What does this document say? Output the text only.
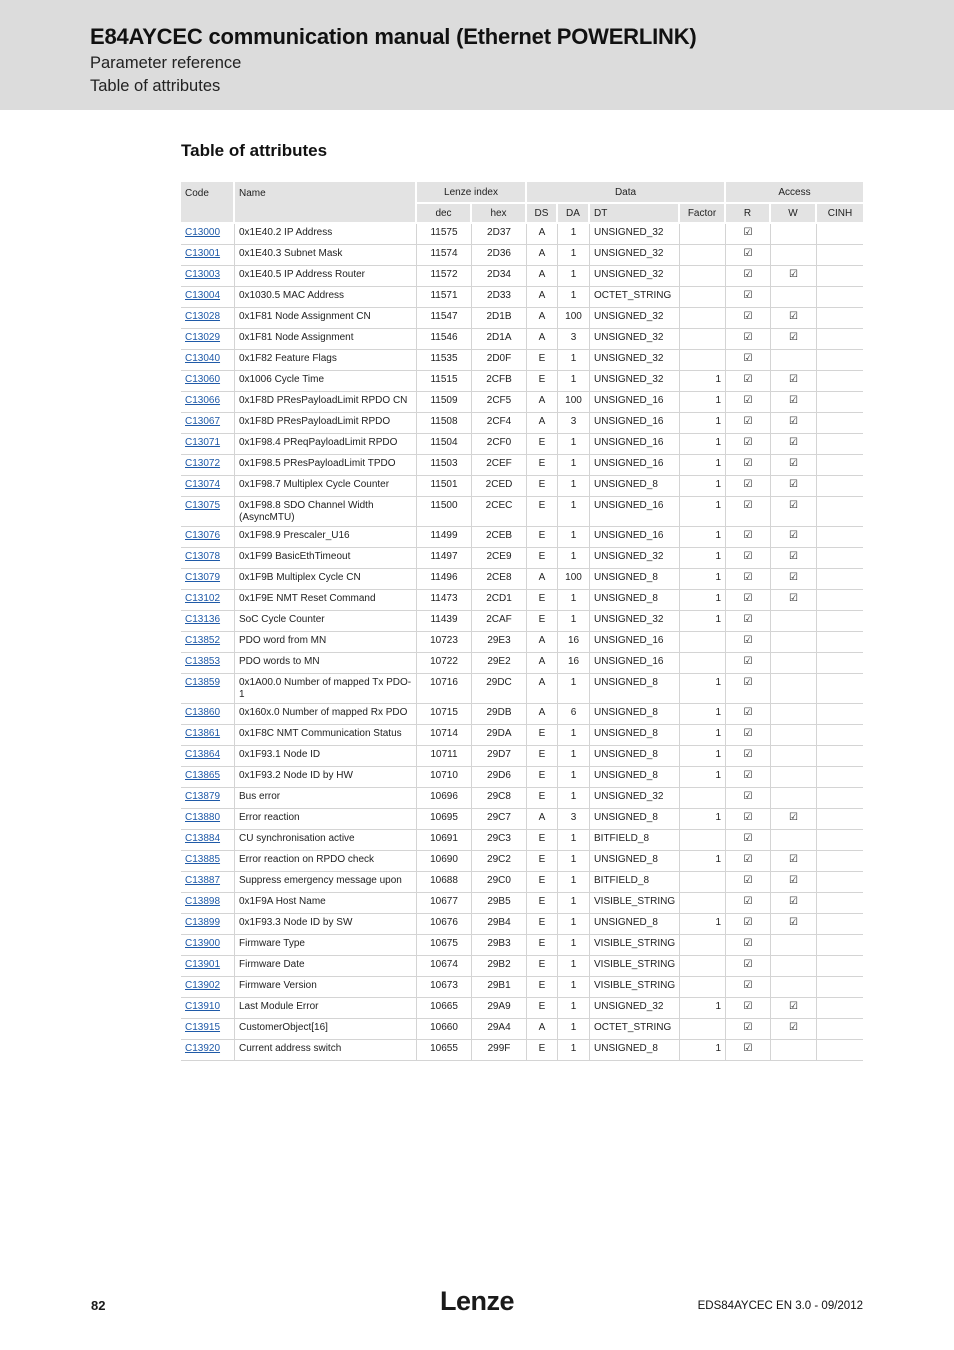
E84AYCEC communication manual (Ethernet POWERLINK)
Parameter reference
Table of attributes
Table of attributes
Code	Name	Lenze index		Data				Access		
		dec	hex	DS	DA	DT	Factor	R	W	CINH
C13000	0x1E40.2 IP Address	11575	2D37	A	1	UNSIGNED_32		☑		
C13001	0x1E40.3 Subnet Mask	11574	2D36	A	1	UNSIGNED_32		☑		
C13003	0x1E40.5 IP Address Router	11572	2D34	A	1	UNSIGNED_32		☑	☑	
C13004	0x1030.5 MAC Address	11571	2D33	A	1	OCTET_STRING		☑		
C13028	0x1F81 Node Assignment CN	11547	2D1B	A	100	UNSIGNED_32		☑	☑	
C13029	0x1F81 Node Assignment	11546	2D1A	A	3	UNSIGNED_32		☑	☑	
C13040	0x1F82 Feature Flags	11535	2D0F	E	1	UNSIGNED_32		☑		
C13060	0x1006 Cycle Time	11515	2CFB	E	1	UNSIGNED_32	1	☑	☑	
C13066	0x1F8D PResPayloadLimit RPDO CN	11509	2CF5	A	100	UNSIGNED_16	1	☑	☑	
C13067	0x1F8D PResPayloadLimit RPDO	11508	2CF4	A	3	UNSIGNED_16	1	☑	☑	
C13071	0x1F98.4 PReqPayloadLimit RPDO	11504	2CF0	E	1	UNSIGNED_16	1	☑	☑	
C13072	0x1F98.5 PResPayloadLimit TPDO	11503	2CEF	E	1	UNSIGNED_16	1	☑	☑	
C13074	0x1F98.7 Multiplex Cycle Counter	11501	2CED	E	1	UNSIGNED_8	1	☑	☑	
C13075	0x1F98.8 SDO Channel Width (AsyncMTU)	11500	2CEC	E	1	UNSIGNED_16	1	☑	☑	
C13076	0x1F98.9 Prescaler_U16	11499	2CEB	E	1	UNSIGNED_16	1	☑	☑	
C13078	0x1F99 BasicEthTimeout	11497	2CE9	E	1	UNSIGNED_32	1	☑	☑	
C13079	0x1F9B Multiplex Cycle CN	11496	2CE8	A	100	UNSIGNED_8	1	☑	☑	
C13102	0x1F9E NMT Reset Command	11473	2CD1	E	1	UNSIGNED_8	1	☑	☑	
C13136	SoC Cycle Counter	11439	2CAF	E	1	UNSIGNED_32	1	☑		
C13852	PDO word from MN	10723	29E3	A	16	UNSIGNED_16		☑		
C13853	PDO words to MN	10722	29E2	A	16	UNSIGNED_16		☑		
C13859	0x1A00.0 Number of mapped Tx PDO-1	10716	29DC	A	1	UNSIGNED_8	1	☑		
C13860	0x160x.0 Number of mapped Rx PDO	10715	29DB	A	6	UNSIGNED_8	1	☑		
C13861	0x1F8C NMT Communication Status	10714	29DA	E	1	UNSIGNED_8	1	☑		
C13864	0x1F93.1 Node ID	10711	29D7	E	1	UNSIGNED_8	1	☑		
C13865	0x1F93.2 Node ID by HW	10710	29D6	E	1	UNSIGNED_8	1	☑		
C13879	Bus error	10696	29C8	E	1	UNSIGNED_32		☑		
C13880	Error reaction	10695	29C7	A	3	UNSIGNED_8	1	☑	☑	
C13884	CU synchronisation active	10691	29C3	E	1	BITFIELD_8		☑		
C13885	Error reaction on RPDO check	10690	29C2	E	1	UNSIGNED_8	1	☑	☑	
C13887	Suppress emergency message upon	10688	29C0	E	1	BITFIELD_8		☑	☑	
C13898	0x1F9A Host Name	10677	29B5	E	1	VISIBLE_STRING		☑	☑	
C13899	0x1F93.3 Node ID by SW	10676	29B4	E	1	UNSIGNED_8	1	☑	☑	
C13900	Firmware Type	10675	29B3	E	1	VISIBLE_STRING		☑		
C13901	Firmware Date	10674	29B2	E	1	VISIBLE_STRING		☑		
C13902	Firmware Version	10673	29B1	E	1	VISIBLE_STRING		☑		
C13910	Last Module Error	10665	29A9	E	1	UNSIGNED_32	1	☑	☑	
C13915	CustomerObject[16]	10660	29A4	A	1	OCTET_STRING		☑	☑	
C13920	Current address switch	10655	299F	E	1	UNSIGNED_8	1	☑		
82	Lenze	EDS84AYCEC EN 3.0 - 09/2012
